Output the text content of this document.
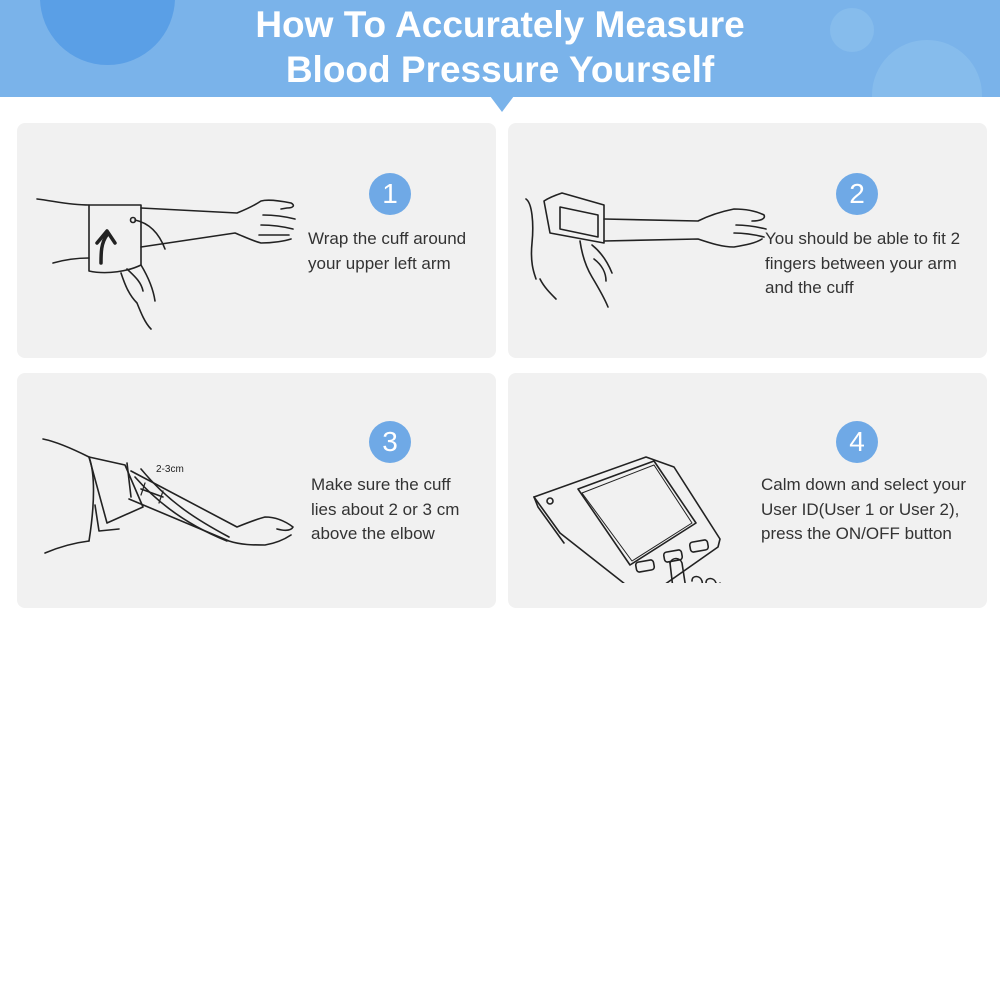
How To Accurately Measure
Blood Pressure Yourself
1
Wrap the cuff around
your upper left arm
2
You should be able to fit 2
fingers between your arm
and the cuff
2-3cm
3
Make sure the cuff
lies about 2 or 3 cm
above the elbow
4
Calm down and select your
User ID(User 1 or User 2),
press the ON/OFF button
